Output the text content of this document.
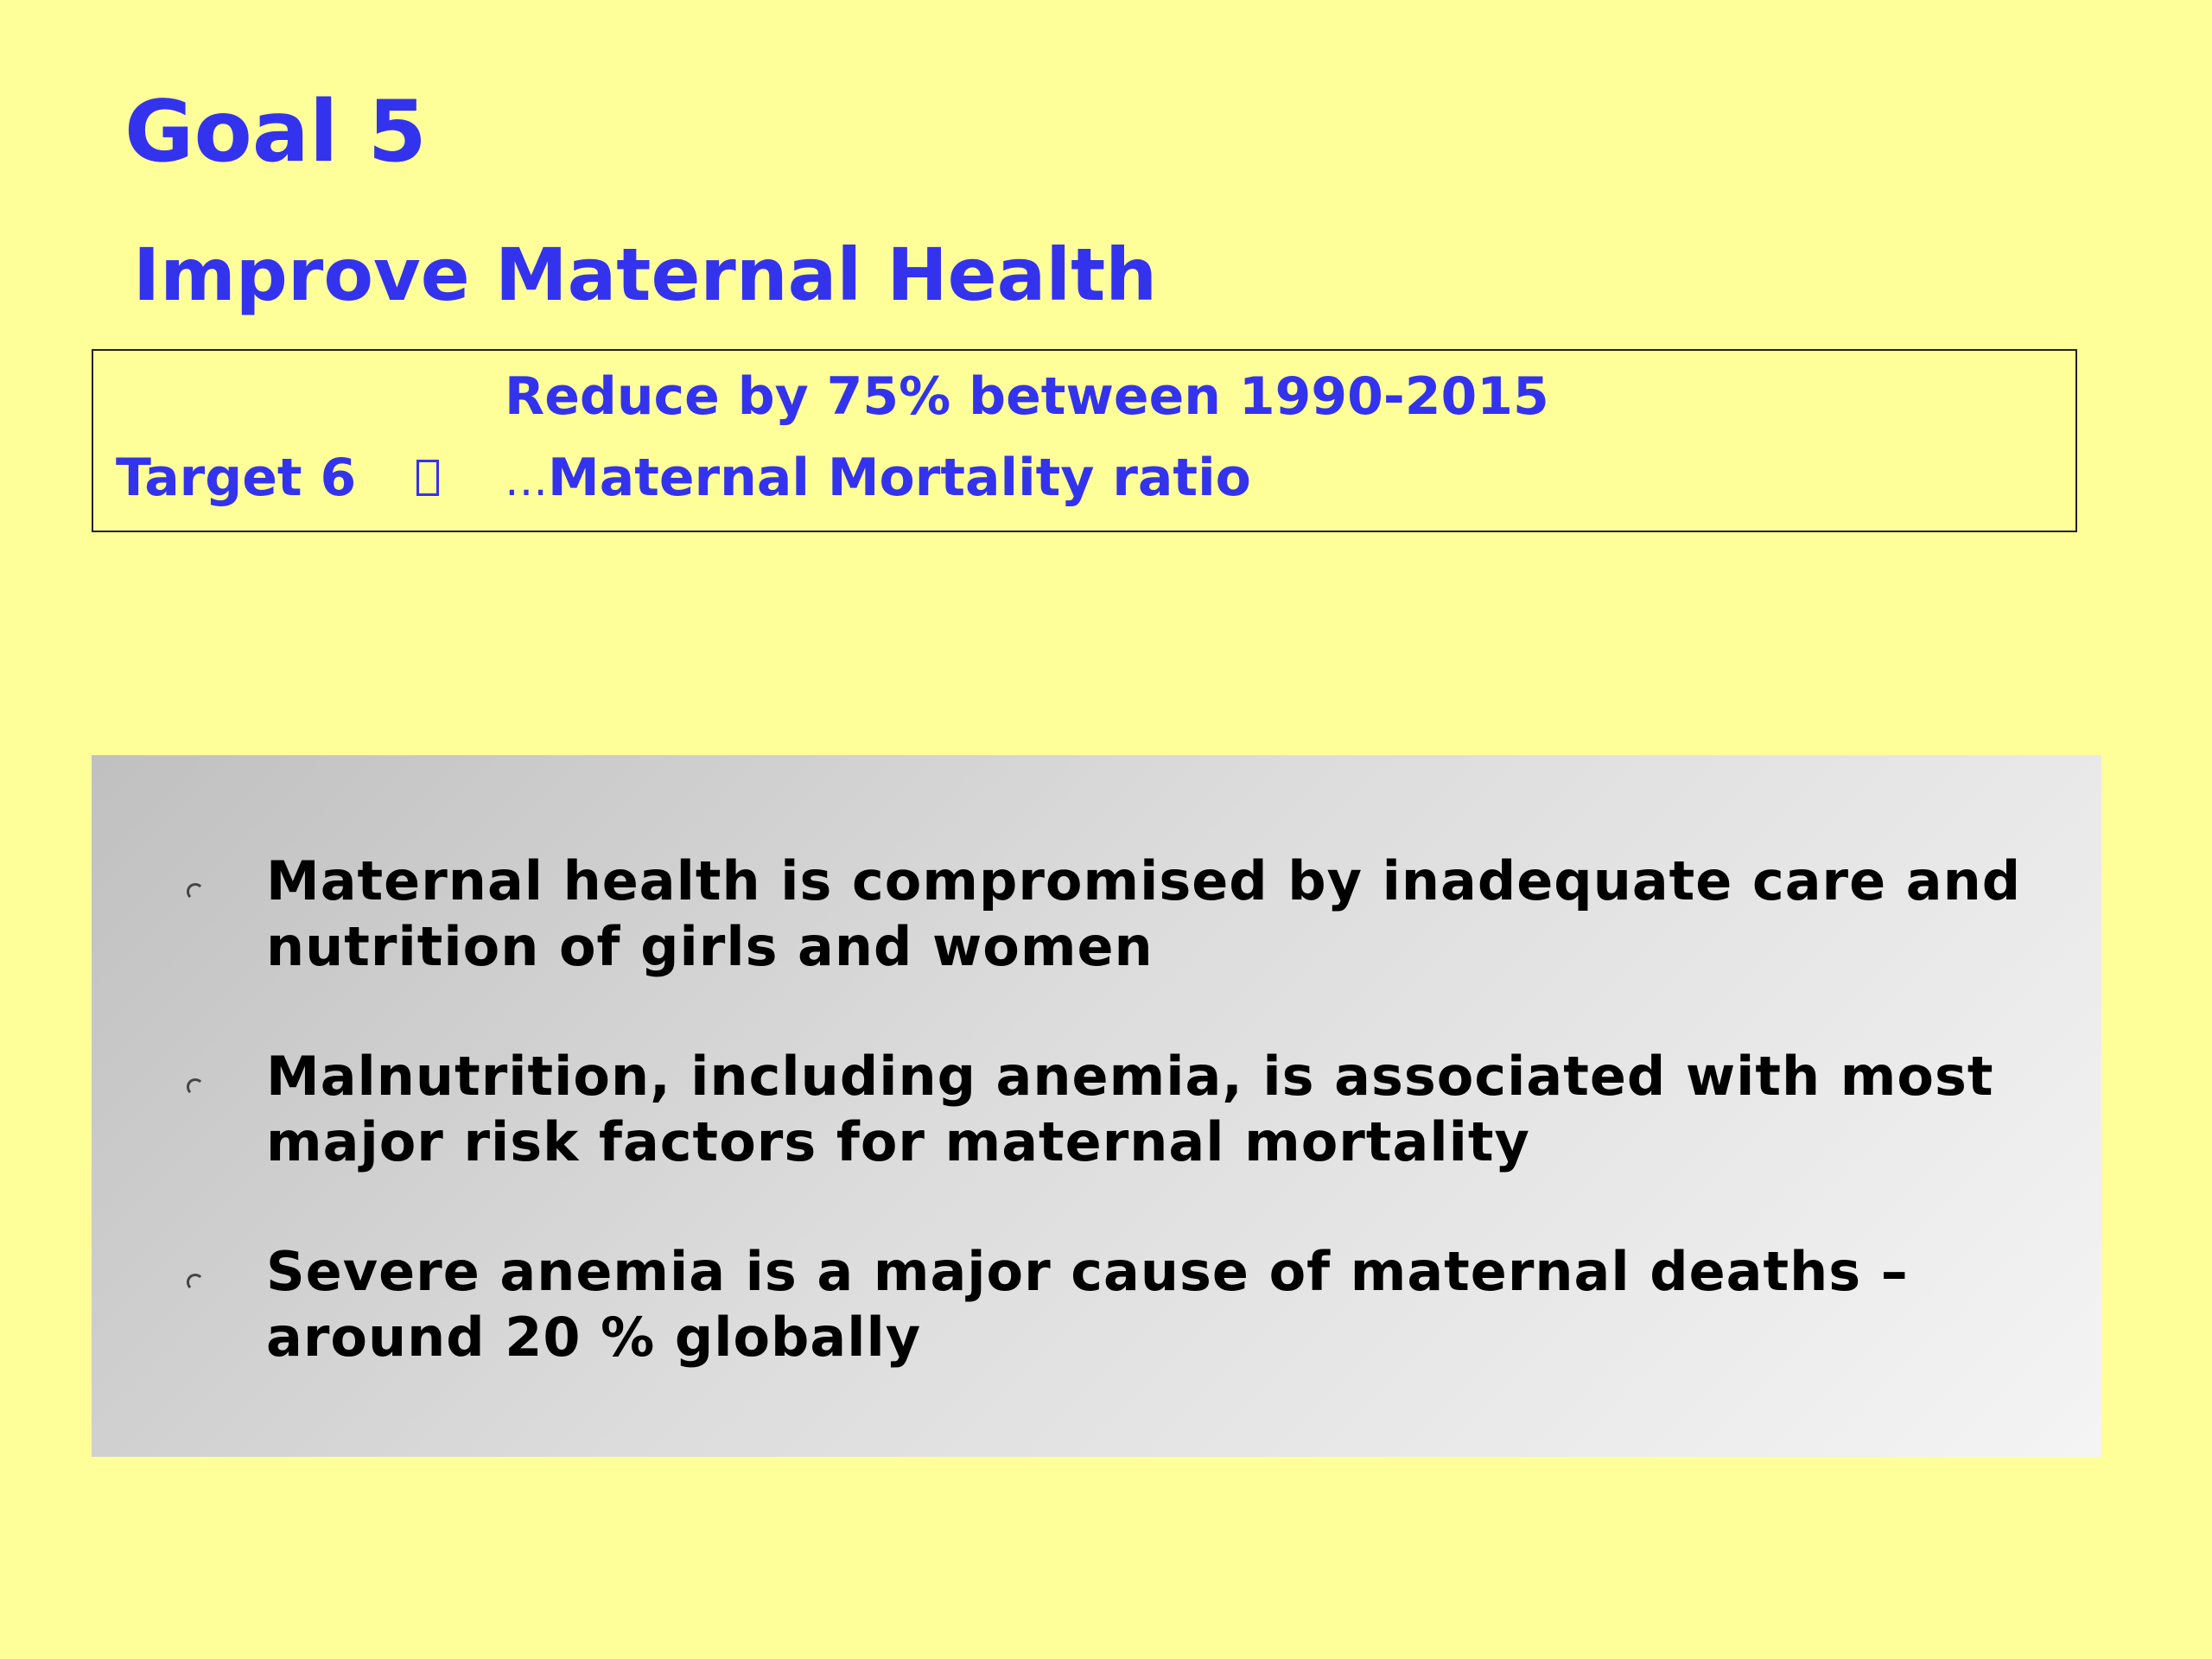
Goal 5
Improve Maternal Health
Reduce by 75% between 1990-2015
Target 6	…Maternal Mortality ratio

Maternal health is compromised by inadequate care and nutrition of girls and women

Malnutrition, including anemia, is associated with most major risk factors for maternal mortality

Severe anemia is a major cause of maternal deaths – around 20 % globally
